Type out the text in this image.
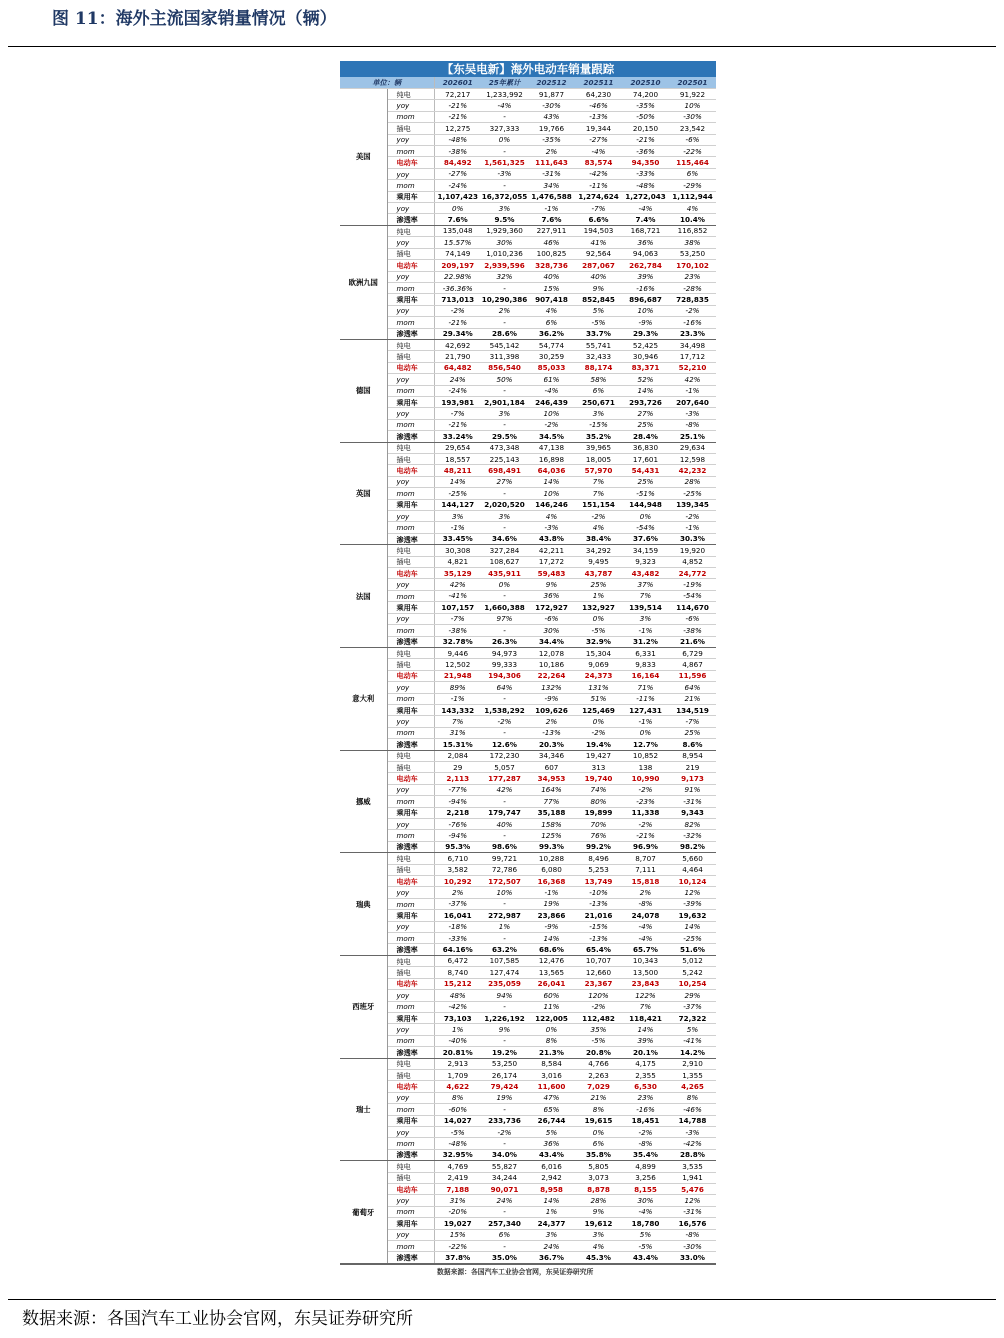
图 11：海外主流国家销量情况（辆）
【东吴电新】海外电动车销量跟踪
单位：辆		202601	25年累计	202512	202511	202510	202501
美国	纯电	72,217	1,233,992	91,877	64,230	74,200	91,922
	yoy	-21%	-4%	-30%	-46%	-35%	10%
	mom	-21%	-	43%	-13%	-50%	-30%
	插电	12,275	327,333	19,766	19,344	20,150	23,542
	yoy	-48%	0%	-35%	-27%	-21%	-6%
	mom	-38%	-	2%	-4%	-36%	-22%
	电动车	84,492	1,561,325	111,643	83,574	94,350	115,464
	yoy	-27%	-3%	-31%	-42%	-33%	6%
	mom	-24%	-	34%	-11%	-48%	-29%
	乘用车	1,107,423	16,372,055	1,476,588	1,274,624	1,272,043	1,112,944
	yoy	0%	3%	-1%	-7%	-4%	4%
	渗透率	7.6%	9.5%	7.6%	6.6%	7.4%	10.4%
欧洲九国	纯电	135,048	1,929,360	227,911	194,503	168,721	116,852
	yoy	15.57%	30%	46%	41%	36%	38%
	插电	74,149	1,010,236	100,825	92,564	94,063	53,250
	电动车	209,197	2,939,596	328,736	287,067	262,784	170,102
	yoy	22.98%	32%	40%	40%	39%	23%
	mom	-36.36%	-	15%	9%	-16%	-28%
	乘用车	713,013	10,290,386	907,418	852,845	896,687	728,835
	yoy	-2%	2%	4%	5%	10%	-2%
	mom	-21%	-	6%	-5%	-9%	-16%
	渗透率	29.34%	28.6%	36.2%	33.7%	29.3%	23.3%
德国	纯电	42,692	545,142	54,774	55,741	52,425	34,498
	插电	21,790	311,398	30,259	32,433	30,946	17,712
	电动车	64,482	856,540	85,033	88,174	83,371	52,210
	yoy	24%	50%	61%	58%	52%	42%
	mom	-24%	-	-4%	6%	14%	-1%
	乘用车	193,981	2,901,184	246,439	250,671	293,726	207,640
	yoy	-7%	3%	10%	3%	27%	-3%
	mom	-21%	-	-2%	-15%	25%	-8%
	渗透率	33.24%	29.5%	34.5%	35.2%	28.4%	25.1%
英国	纯电	29,654	473,348	47,138	39,965	36,830	29,634
	插电	18,557	225,143	16,898	18,005	17,601	12,598
	电动车	48,211	698,491	64,036	57,970	54,431	42,232
	yoy	14%	27%	14%	7%	25%	28%
	mom	-25%	-	10%	7%	-51%	-25%
	乘用车	144,127	2,020,520	146,246	151,154	144,948	139,345
	yoy	3%	3%	4%	-2%	0%	-2%
	mom	-1%	-	-3%	4%	-54%	-1%
	渗透率	33.45%	34.6%	43.8%	38.4%	37.6%	30.3%
法国	纯电	30,308	327,284	42,211	34,292	34,159	19,920
	插电	4,821	108,627	17,272	9,495	9,323	4,852
	电动车	35,129	435,911	59,483	43,787	43,482	24,772
	yoy	42%	0%	9%	25%	37%	-19%
	mom	-41%	-	36%	1%	7%	-54%
	乘用车	107,157	1,660,388	172,927	132,927	139,514	114,670
	yoy	-7%	97%	-6%	0%	3%	-6%
	mom	-38%	-	30%	-5%	-1%	-38%
	渗透率	32.78%	26.3%	34.4%	32.9%	31.2%	21.6%
意大利	纯电	9,446	94,973	12,078	15,304	6,331	6,729
	插电	12,502	99,333	10,186	9,069	9,833	4,867
	电动车	21,948	194,306	22,264	24,373	16,164	11,596
	yoy	89%	64%	132%	131%	71%	64%
	mom	-1%	-	-9%	51%	-11%	21%
	乘用车	143,332	1,538,292	109,626	125,469	127,431	134,519
	yoy	7%	-2%	2%	0%	-1%	-7%
	mom	31%	-	-13%	-2%	0%	25%
	渗透率	15.31%	12.6%	20.3%	19.4%	12.7%	8.6%
挪威	纯电	2,084	172,230	34,346	19,427	10,852	8,954
	插电	29	5,057	607	313	138	219
	电动车	2,113	177,287	34,953	19,740	10,990	9,173
	yoy	-77%	42%	164%	74%	-2%	91%
	mom	-94%	-	77%	80%	-23%	-31%
	乘用车	2,218	179,747	35,188	19,899	11,338	9,343
	yoy	-76%	40%	158%	70%	-2%	82%
	mom	-94%	-	125%	76%	-21%	-32%
	渗透率	95.3%	98.6%	99.3%	99.2%	96.9%	98.2%
瑞典	纯电	6,710	99,721	10,288	8,496	8,707	5,660
	插电	3,582	72,786	6,080	5,253	7,111	4,464
	电动车	10,292	172,507	16,368	13,749	15,818	10,124
	yoy	2%	10%	-1%	-10%	2%	12%
	mom	-37%	-	19%	-13%	-8%	-39%
	乘用车	16,041	272,987	23,866	21,016	24,078	19,632
	yoy	-18%	1%	-9%	-15%	-4%	14%
	mom	-33%	-	14%	-13%	-4%	-25%
	渗透率	64.16%	63.2%	68.6%	65.4%	65.7%	51.6%
西班牙	纯电	6,472	107,585	12,476	10,707	10,343	5,012
	插电	8,740	127,474	13,565	12,660	13,500	5,242
	电动车	15,212	235,059	26,041	23,367	23,843	10,254
	yoy	48%	94%	60%	120%	122%	29%
	mom	-42%	-	11%	-2%	7%	-37%
	乘用车	73,103	1,226,192	122,005	112,482	118,421	72,322
	yoy	1%	9%	0%	35%	14%	5%
	mom	-40%	-	8%	-5%	39%	-41%
	渗透率	20.81%	19.2%	21.3%	20.8%	20.1%	14.2%
瑞士	纯电	2,913	53,250	8,584	4,766	4,175	2,910
	插电	1,709	26,174	3,016	2,263	2,355	1,355
	电动车	4,622	79,424	11,600	7,029	6,530	4,265
	yoy	8%	19%	47%	21%	23%	8%
	mom	-60%	-	65%	8%	-16%	-46%
	乘用车	14,027	233,736	26,744	19,615	18,451	14,788
	yoy	-5%	-2%	5%	0%	-2%	-3%
	mom	-48%	-	36%	6%	-8%	-42%
	渗透率	32.95%	34.0%	43.4%	35.8%	35.4%	28.8%
葡萄牙	纯电	4,769	55,827	6,016	5,805	4,899	3,535
	插电	2,419	34,244	2,942	3,073	3,256	1,941
	电动车	7,188	90,071	8,958	8,878	8,155	5,476
	yoy	31%	24%	14%	28%	30%	12%
	mom	-20%	-	1%	9%	-4%	-31%
	乘用车	19,027	257,340	24,377	19,612	18,780	16,576
	yoy	15%	6%	3%	3%	5%	-8%
	mom	-22%	-	24%	4%	-5%	-30%
	渗透率	37.8%	35.0%	36.7%	45.3%	43.4%	33.0%
数据来源：各国汽车工业协会官网，东吴证券研究所
数据来源：各国汽车工业协会官网，东吴证券研究所
